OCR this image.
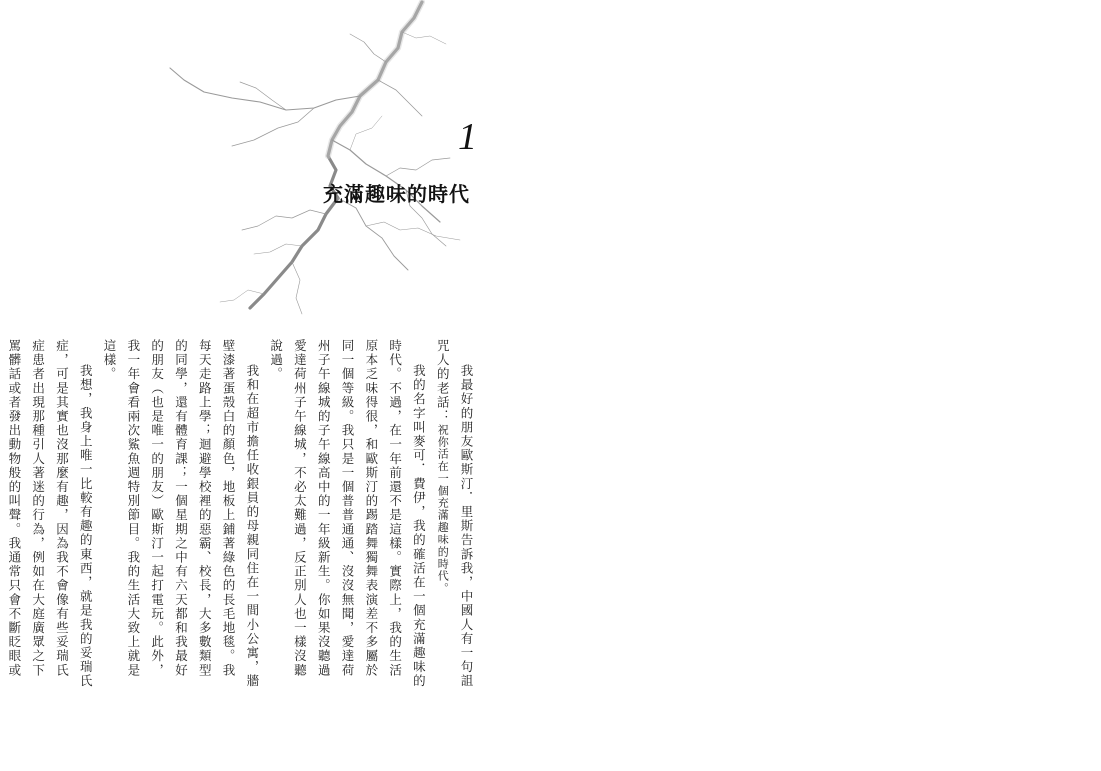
1
充滿趣味的時代

我最好的朋友歐斯汀．里斯告訴我，中國人有一句詛咒人的老話：祝你活在一個充滿趣味的時代。

我的名字叫麥可．費伊，我的確活在一個充滿趣味的時代。不過，在一年前還不是這樣。實際上，我的生活原本乏味得很，和歐斯汀的踢踏舞獨舞表演差不多屬於同一個等級。我只是一個普普通通、沒沒無聞，愛達荷州子午線城的子午線高中的一年級新生。你如果沒聽過愛達荷州子午線城，不必太難過，反正別人也一樣沒聽說過。

我和在超市擔任收銀員的母親同住在一間小公寓，牆壁漆著蛋殼白的顏色，地板上鋪著綠色的長毛地毯。我每天走路上學；迴避學校裡的惡霸、校長，大多數類型的同學，還有體育課；一個星期之中有六天都和我最好的朋友（也是唯一的朋友）歐斯汀一起打電玩。此外，我一年會看兩次鯊魚週特別節目。我的生活大致上就是這樣。

我想，我身上唯一比較有趣的東西，就是我的妥瑞氏症，可是其實也沒那麼有趣，因為我不會像有些妥瑞氏症患者出現那種引人著迷的行為，例如在大庭廣眾之下罵髒話或者發出動物般的叫聲。我通常只會不斷眨眼或
